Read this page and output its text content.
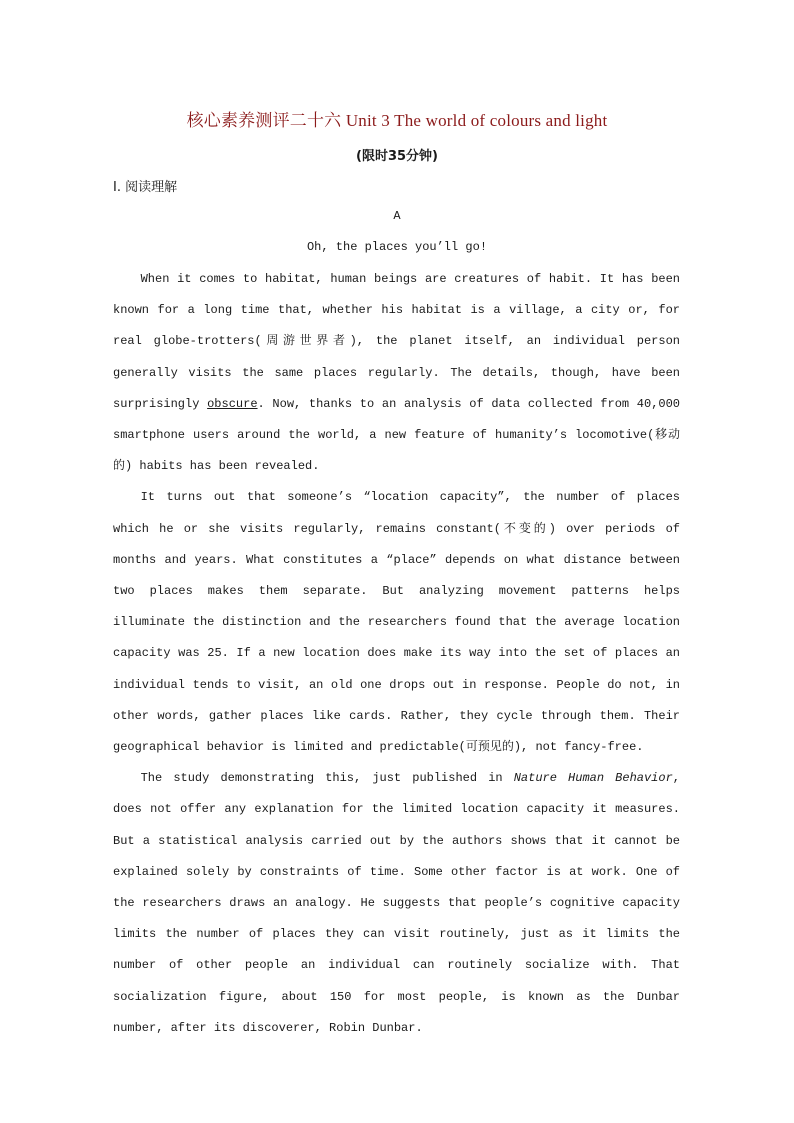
核心素养测评二十六 Unit 3 The world of colours and light
(限时35分钟)
Ⅰ. 阅读理解
A
Oh, the places you’ll go!

When it comes to habitat, human beings are creatures of habit. It has been known for a long time that, whether his habitat is a village, a city or, for real globe-trotters(周游世界者), the planet itself, an individual person generally visits the same places regularly. The details, though, have been surprisingly obscure. Now, thanks to an analysis of data collected from 40,000 smartphone users around the world, a new feature of humanity’s locomotive(移动的) habits has been revealed.

It turns out that someone’s “location capacity”, the number of places which he or she visits regularly, remains constant(不变的) over periods of months and years. What constitutes a “place” depends on what distance between two places makes them separate. But analyzing movement patterns helps illuminate the distinction and the researchers found that the average location capacity was 25. If a new location does make its way into the set of places an individual tends to visit, an old one drops out in response. People do not, in other words, gather places like cards. Rather, they cycle through them. Their geographical behavior is limited and predictable(可预见的), not fancy-free.

The study demonstrating this, just published in Nature Human Behavior, does not offer any explanation for the limited location capacity it measures. But a statistical analysis carried out by the authors shows that it cannot be explained solely by constraints of time. Some other factor is at work. One of the researchers draws an analogy. He suggests that people’s cognitive capacity limits the number of places they can visit routinely, just as it limits the number of other people an individual can routinely socialize with. That socialization figure, about 150 for most people, is known as the Dunbar number, after its discoverer, Robin Dunbar.
